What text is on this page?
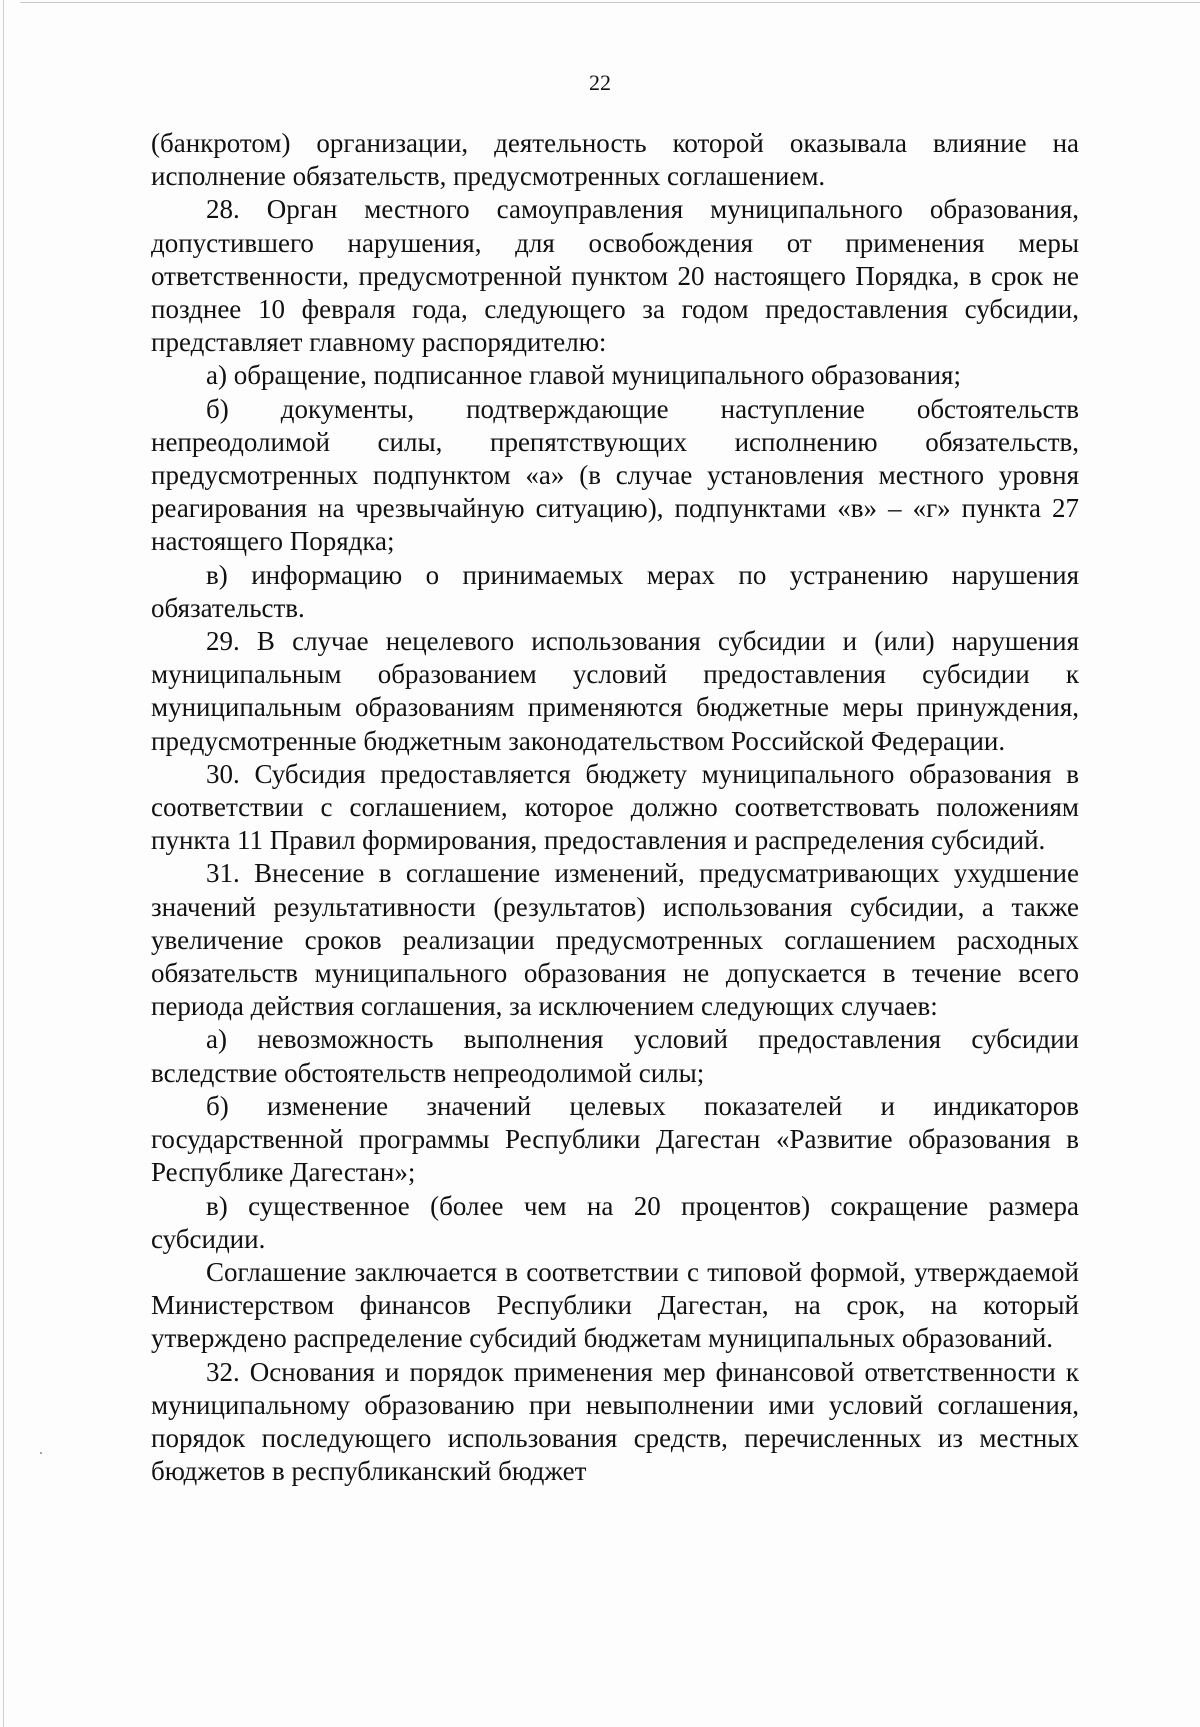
22

(банкротом) организации, деятельность которой оказывала влияние на исполнение обязательств, предусмотренных соглашением.

28. Орган местного самоуправления муниципального образования, допустившего нарушения, для освобождения от применения меры ответственности, предусмотренной пунктом 20 настоящего Порядка, в срок не позднее 10 февраля года, следующего за годом предоставления субсидии, представляет главному распорядителю:

а) обращение, подписанное главой муниципального образования;

б) документы, подтверждающие наступление обстоятельств непреодолимой силы, препятствующих исполнению обязательств, предусмотренных подпунктом «а» (в случае установления местного уровня реагирования на чрезвычайную ситуацию), подпунктами «в» – «г» пункта 27 настоящего Порядка;

в) информацию о принимаемых мерах по устранению нарушения обязательств.

29. В случае нецелевого использования субсидии и (или) нарушения муниципальным образованием условий предоставления субсидии к муниципальным образованиям применяются бюджетные меры принуждения, предусмотренные бюджетным законодательством Российской Федерации.

30. Субсидия предоставляется бюджету муниципального образования в соответствии с соглашением, которое должно соответствовать положениям пункта 11 Правил формирования, предоставления и распределения субсидий.

31. Внесение в соглашение изменений, предусматривающих ухудшение значений результативности (результатов) использования субсидии, а также увеличение сроков реализации предусмотренных соглашением расходных обязательств муниципального образования не допускается в течение всего периода действия соглашения, за исключением следующих случаев:

а) невозможность выполнения условий предоставления субсидии вследствие обстоятельств непреодолимой силы;

б) изменение значений целевых показателей и индикаторов государственной программы Республики Дагестан «Развитие образования в Республике Дагестан»;

в) существенное (более чем на 20 процентов) сокращение размера субсидии.

Соглашение заключается в соответствии с типовой формой, утверждаемой Министерством финансов Республики Дагестан, на срок, на который утверждено распределение субсидий бюджетам муниципальных образований.

32. Основания и порядок применения мер финансовой ответственности к муниципальному образованию при невыполнении ими условий соглашения, порядок последующего использования средств, перечисленных из местных бюджетов в республиканский бюджет
